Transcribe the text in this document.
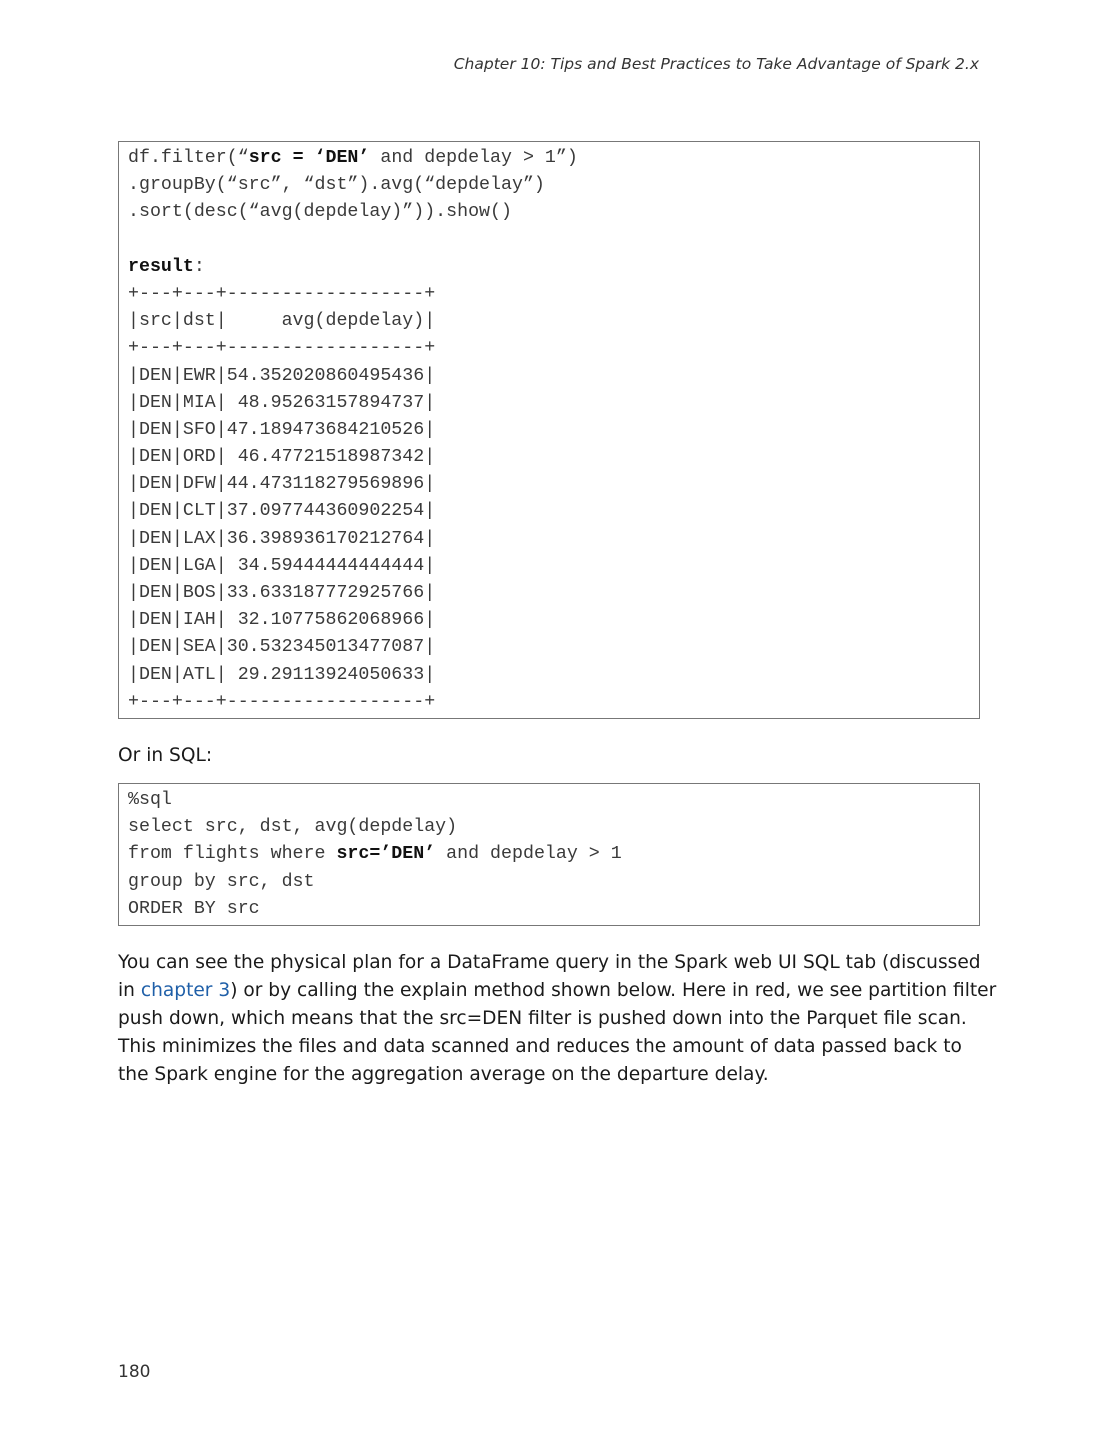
Chapter 10: Tips and Best Practices to Take Advantage of Spark 2.x
df.filter(“src = ‘DEN’ and depdelay > 1”)
.groupBy(“src”, “dst”).avg(“depdelay”)
.sort(desc(“avg(depdelay)”)).show()
result:
+---+---+------------------+
|src|dst|     avg(depdelay)|
+---+---+------------------+
|DEN|EWR|54.352020860495436|
|DEN|MIA| 48.95263157894737|
|DEN|SFO|47.189473684210526|
|DEN|ORD| 46.47721518987342|
|DEN|DFW|44.473118279569896|
|DEN|CLT|37.097744360902254|
|DEN|LAX|36.398936170212764|
|DEN|LGA| 34.59444444444444|
|DEN|BOS|33.633187772925766|
|DEN|IAH| 32.10775862068966|
|DEN|SEA|30.532345013477087|
|DEN|ATL| 29.29113924050633|
+---+---+------------------+
Or in SQL:
%sql
select src, dst, avg(depdelay)
from flights where src=’DEN’ and depdelay > 1
group by src, dst
ORDER BY src
You can see the physical plan for a DataFrame query in the Spark web UI SQL tab (discussed in chapter 3) or by calling the explain method shown below. Here in red, we see partition filter push down, which means that the src=DEN filter is pushed down into the Parquet file scan. This minimizes the files and data scanned and reduces the amount of data passed back to the Spark engine for the aggregation average on the departure delay.
180
